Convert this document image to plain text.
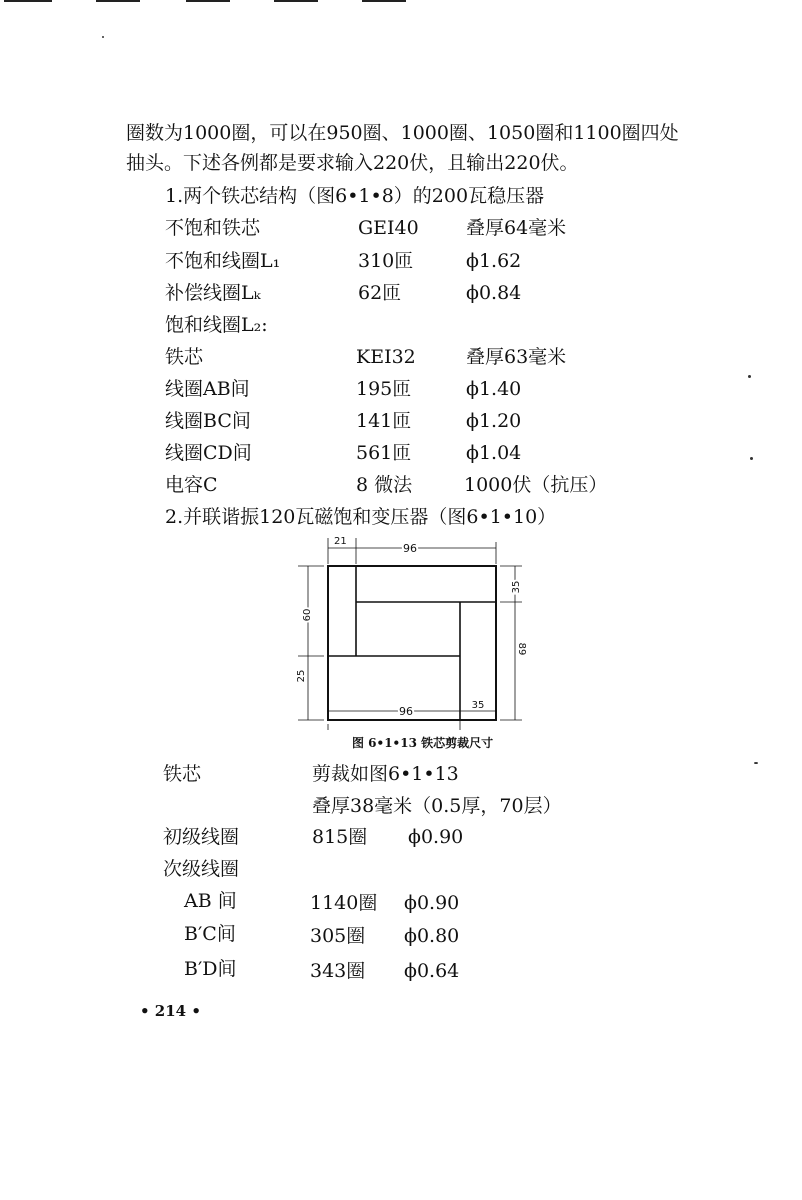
圈数为1000圈，可以在950圈、1000圈、1050圈和1100圈四处
抽头。下述各例都是要求输入220伏，且输出220伏。
1.两个铁芯结构（图6•1•8）的200瓦稳压器
不饱和铁芯	GEI40 叠厚64毫米
不饱和线圈L₁	310匝	ϕ1.62
补偿线圈Lₖ	62匝	ϕ0.84
饱和线圈L₂:
铁芯	KEI32	叠厚63毫米
线圈AB间	195匝	ϕ1.40
线圈BC间	141匝	ϕ1.20
线圈CD间	561匝	ϕ1.04
电容C	8 微法	1000伏（抗压）
2.并联谐振120瓦磁饱和变压器（图6•1•10）
21
96
35
89
60
25
96	35
图 6•1•13 铁芯剪裁尺寸
铁芯	剪裁如图6•1•13
叠厚38毫米（0.5厚，70层）
初级线圈	815圈 ϕ0.90
次级线圈
AB 间	1140圈 ϕ0.90
B′C间	305圈 ϕ0.80
B′D间	343圈 ϕ0.64
• 214 •
